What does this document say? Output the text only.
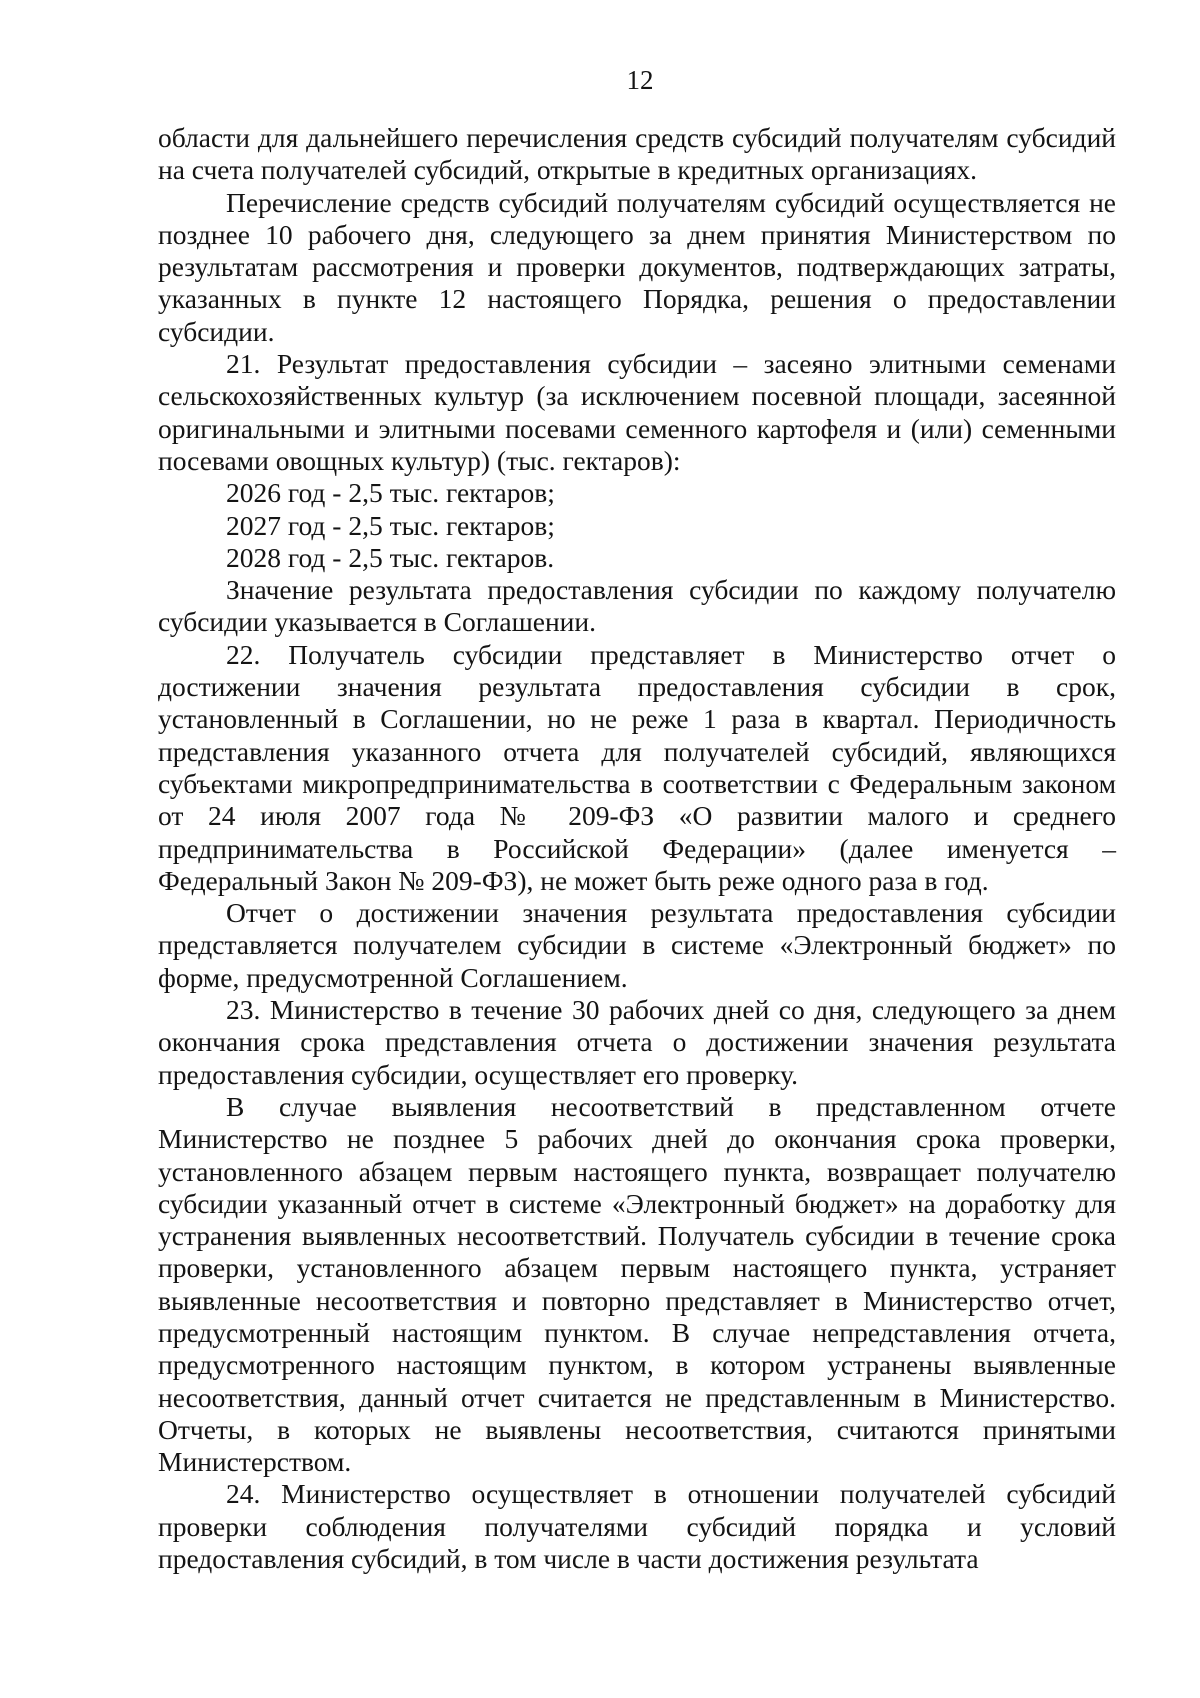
12

области для дальнейшего перечисления средств субсидий получателям субсидий на счета получателей субсидий, открытые в кредитных организациях.

Перечисление средств субсидий получателям субсидий осуществляется не позднее 10 рабочего дня, следующего за днем принятия Министерством по результатам рассмотрения и проверки документов, подтверждающих затраты, указанных в пункте 12 настоящего Порядка, решения о предоставлении субсидии.

21. Результат предоставления субсидии – засеяно элитными семенами сельскохозяйственных культур (за исключением посевной площади, засеянной оригинальными и элитными посевами семенного картофеля и (или) семенными посевами овощных культур) (тыс. гектаров):

2026 год - 2,5 тыс. гектаров;

2027 год - 2,5 тыс. гектаров;

2028 год - 2,5 тыс. гектаров.

Значение результата предоставления субсидии по каждому получателю субсидии указывается в Соглашении.

22. Получатель субсидии представляет в Министерство отчет о достижении значения результата предоставления субсидии в срок, установленный в Соглашении, но не реже 1 раза в квартал. Периодичность представления указанного отчета для получателей субсидий, являющихся субъектами микропредпринимательства в соответствии с Федеральным законом от 24 июля 2007 года № 209-ФЗ «О развитии малого и среднего предпринимательства в Российской Федерации» (далее именуется – Федеральный Закон № 209-ФЗ), не может быть реже одного раза в год.

Отчет о достижении значения результата предоставления субсидии представляется получателем субсидии в системе «Электронный бюджет» по форме, предусмотренной Соглашением.

23. Министерство в течение 30 рабочих дней со дня, следующего за днем окончания срока представления отчета о достижении значения результата предоставления субсидии, осуществляет его проверку.

В случае выявления несоответствий в представленном отчете Министерство не позднее 5 рабочих дней до окончания срока проверки, установленного абзацем первым настоящего пункта, возвращает получателю субсидии указанный отчет в системе «Электронный бюджет» на доработку для устранения выявленных несоответствий. Получатель субсидии в течение срока проверки, установленного абзацем первым настоящего пункта, устраняет выявленные несоответствия и повторно представляет в Министерство отчет, предусмотренный настоящим пунктом. В случае непредставления отчета, предусмотренного настоящим пунктом, в котором устранены выявленные несоответствия, данный отчет считается не представленным в Министерство. Отчеты, в которых не выявлены несоответствия, считаются принятыми Министерством.

24. Министерство осуществляет в отношении получателей субсидий проверки соблюдения получателями субсидий порядка и условий предоставления субсидий, в том числе в части достижения результата
